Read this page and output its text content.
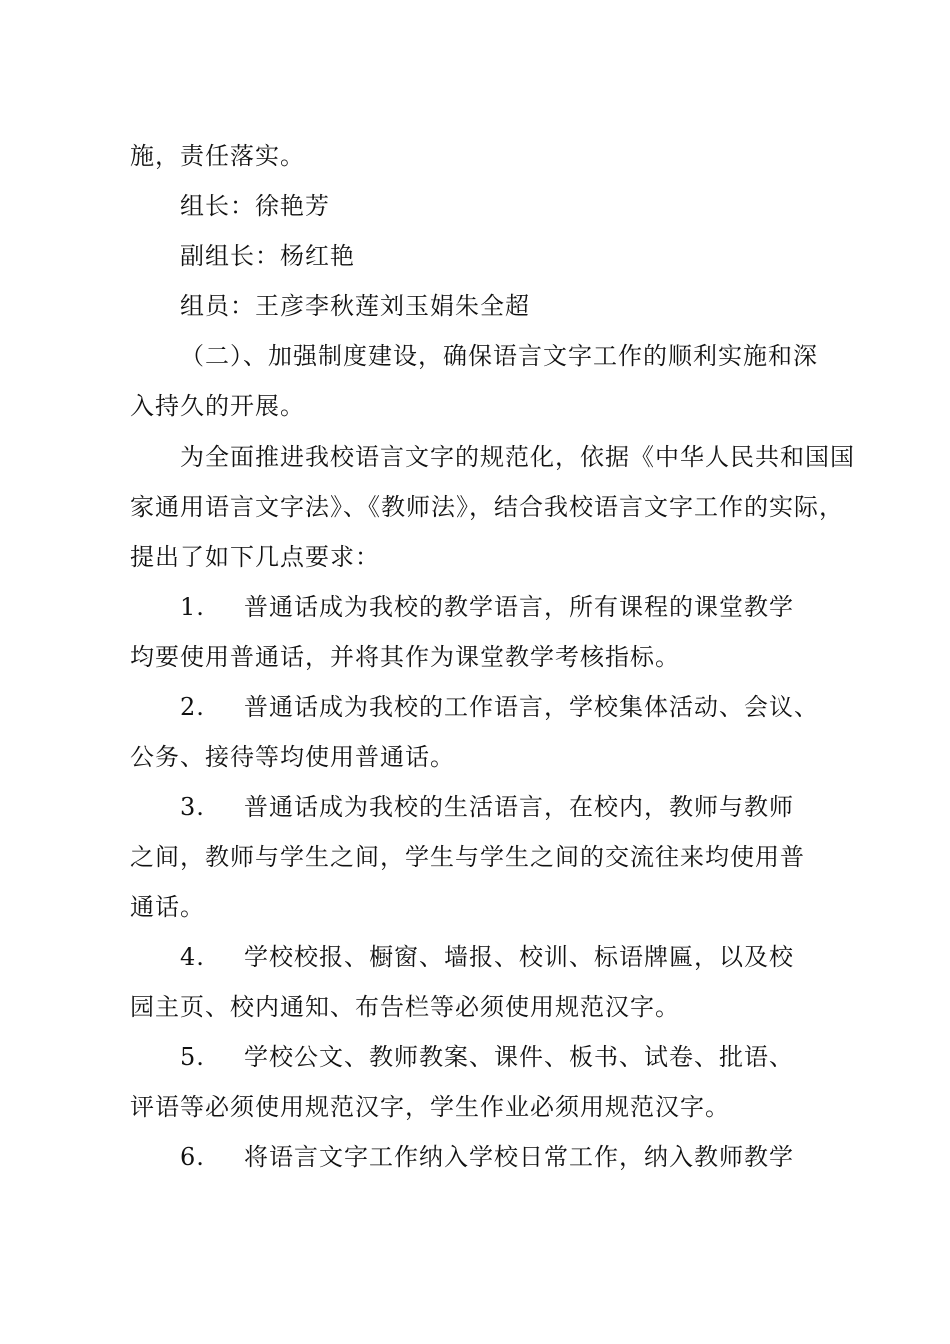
施，责任落实。
组长：徐艳芳
副组长：杨红艳
组员：王彦李秋莲刘玉娟朱全超
（二）、加强制度建设，确保语言文字工作的顺利实施和深
入持久的开展。
为全面推进我校语言文字的规范化，依据《中华人民共和国国
家通用语言文字法》、《教师法》，结合我校语言文字工作的实际，
提出了如下几点要求：
1. 普通话成为我校的教学语言，所有课程的课堂教学
均要使用普通话，并将其作为课堂教学考核指标。
2. 普通话成为我校的工作语言，学校集体活动、会议、
公务、接待等均使用普通话。
3. 普通话成为我校的生活语言，在校内，教师与教师
之间，教师与学生之间，学生与学生之间的交流往来均使用普
通话。
4. 学校校报、橱窗、墙报、校训、标语牌匾，以及校
园主页、校内通知、布告栏等必须使用规范汉字。
5. 学校公文、教师教案、课件、板书、试卷、批语、
评语等必须使用规范汉字，学生作业必须用规范汉字。
6. 将语言文字工作纳入学校日常工作，纳入教师教学
